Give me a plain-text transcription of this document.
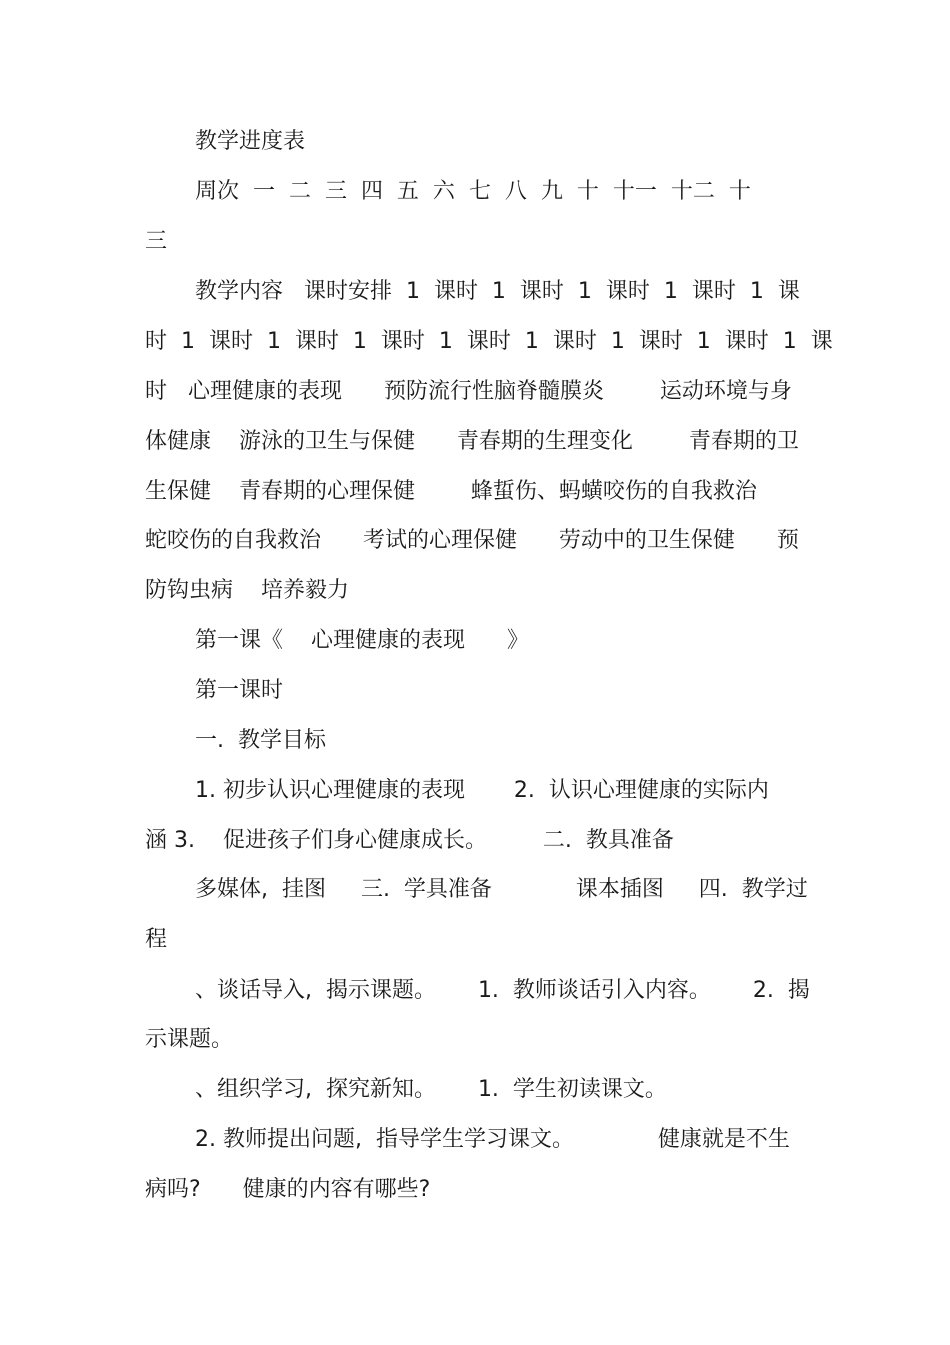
教学进度表

周次  一  二  三  四  五  六  七  八  九  十  十一  十二  十

三

教学内容   课时安排  1  课时  1  课时  1  课时  1  课时  1  课

时  1  课时  1  课时  1  课时  1  课时  1  课时  1  课时  1  课时  1  课

时   心理健康的表现      预防流行性脑脊髓膜炎        运动环境与身

体健康    游泳的卫生与保健      青春期的生理变化        青春期的卫

生保健    青春期的心理保健        蜂蜇伤、蚂蟥咬伤的自我救治

蛇咬伤的自我救治      考试的心理保健      劳动中的卫生保健      预

防钩虫病    培养毅力

第一课《    心理健康的表现      》

第一课时

一.  教学目标

1. 初步认识心理健康的表现       2.  认识心理健康的实际内

涵 3.    促进孩子们身心健康成长。        二.  教具准备

多媒体,  挂图     三.  学具准备            课本插图     四.  教学过

程

、谈话导入,  揭示课题。      1.  教师谈话引入内容。      2.  揭

示课题。

、组织学习,  探究新知。      1.  学生初读课文。

2. 教师提出问题,  指导学生学习课文。            健康就是不生

病吗?      健康的内容有哪些?
